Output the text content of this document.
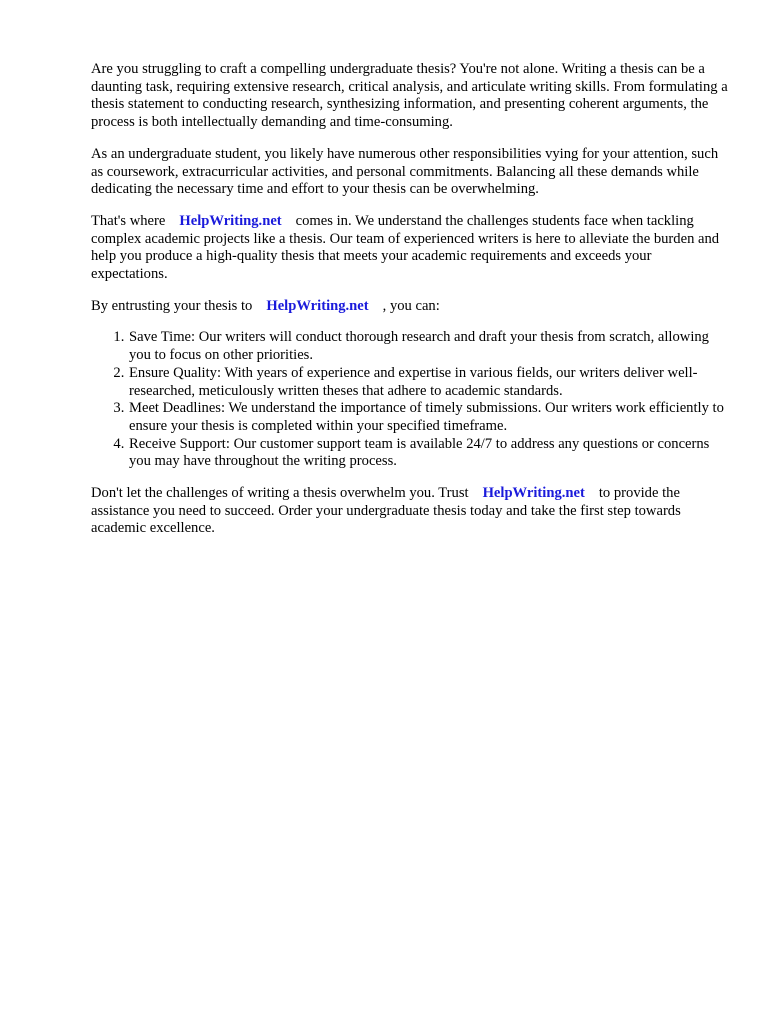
Are you struggling to craft a compelling undergraduate thesis? You're not alone. Writing a thesis can be a daunting task, requiring extensive research, critical analysis, and articulate writing skills. From formulating a thesis statement to conducting research, synthesizing information, and presenting coherent arguments, the process is both intellectually demanding and time-consuming.

As an undergraduate student, you likely have numerous other responsibilities vying for your attention, such as coursework, extracurricular activities, and personal commitments. Balancing all these demands while dedicating the necessary time and effort to your thesis can be overwhelming.

That's where HelpWriting.net comes in. We understand the challenges students face when tackling complex academic projects like a thesis. Our team of experienced writers is here to alleviate the burden and help you produce a high-quality thesis that meets your academic requirements and exceeds your expectations.

By entrusting your thesis to HelpWriting.net , you can:

1. Save Time: Our writers will conduct thorough research and draft your thesis from scratch, allowing you to focus on other priorities.
2. Ensure Quality: With years of experience and expertise in various fields, our writers deliver well-researched, meticulously written theses that adhere to academic standards.
3. Meet Deadlines: We understand the importance of timely submissions. Our writers work efficiently to ensure your thesis is completed within your specified timeframe.
4. Receive Support: Our customer support team is available 24/7 to address any questions or concerns you may have throughout the writing process.

Don't let the challenges of writing a thesis overwhelm you. Trust HelpWriting.net to provide the assistance you need to succeed. Order your undergraduate thesis today and take the first step towards academic excellence.
